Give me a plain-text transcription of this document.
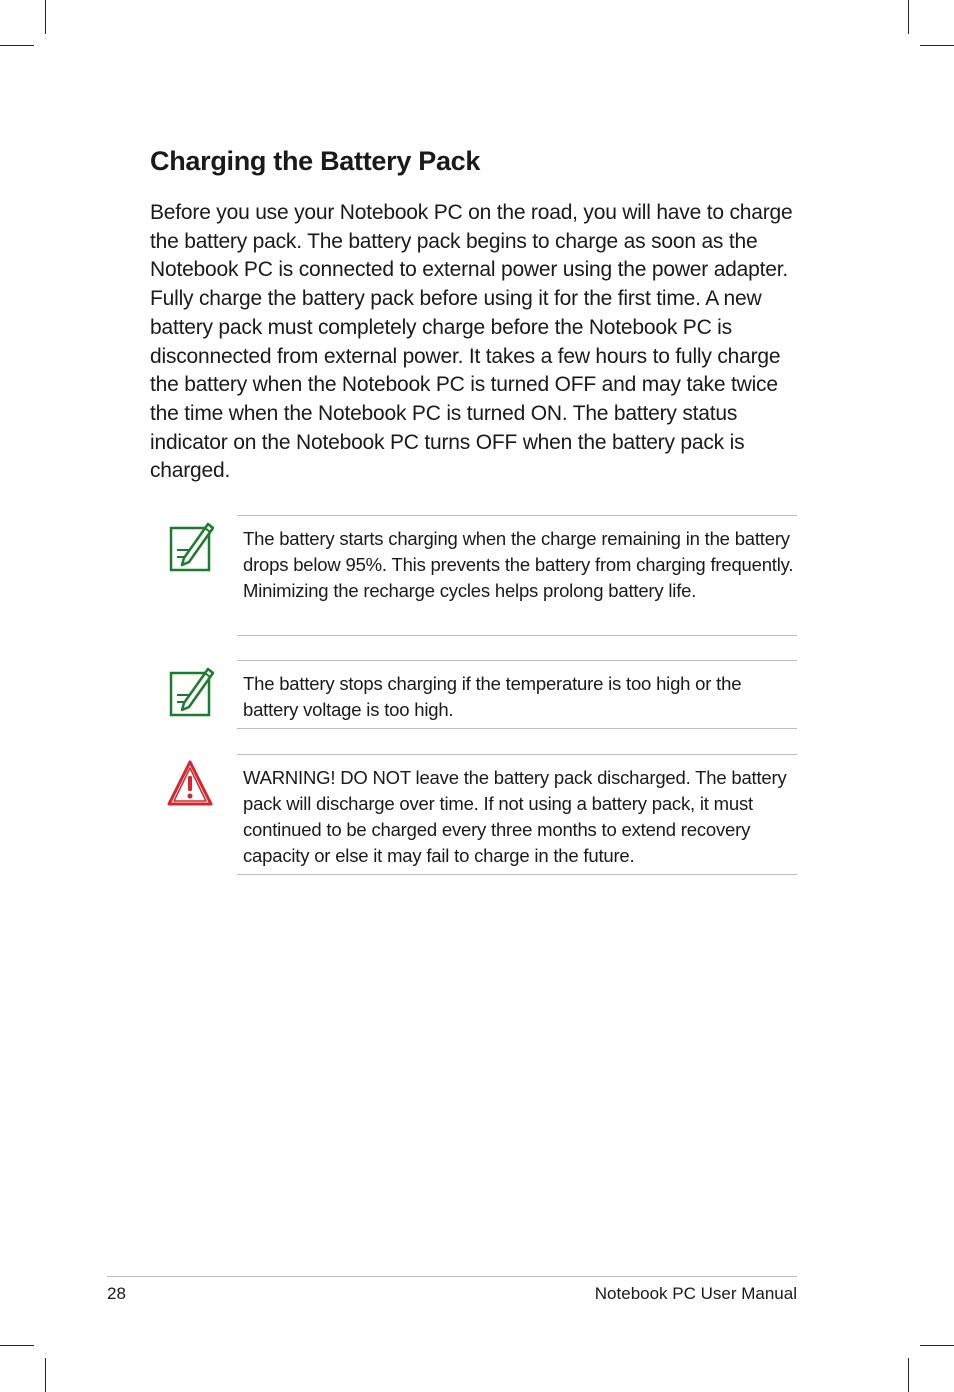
Charging the Battery Pack

Before you use your Notebook PC on the road, you will have to charge the battery pack. The battery pack begins to charge as soon as the Notebook PC is connected to external power using the power adapter. Fully charge the battery pack before using it for the first time. A new battery pack must completely charge before the Notebook PC is disconnected from external power. It takes a few hours to fully charge the battery when the Notebook PC is turned OFF and may take twice the time when the Notebook PC is turned ON. The battery status indicator on the Notebook PC turns OFF when the battery pack is charged.

The battery starts charging when the charge remaining in the battery drops below 95%. This prevents the battery from charging frequently. Minimizing the recharge cycles helps prolong battery life.

The battery stops charging if the temperature is too high or the battery voltage is too high.

WARNING! DO NOT leave the battery pack discharged. The battery pack will discharge over time. If not using a battery pack, it must continued to be charged every three months to extend recovery capacity or else it may fail to charge in the future.

28	Notebook PC User Manual
